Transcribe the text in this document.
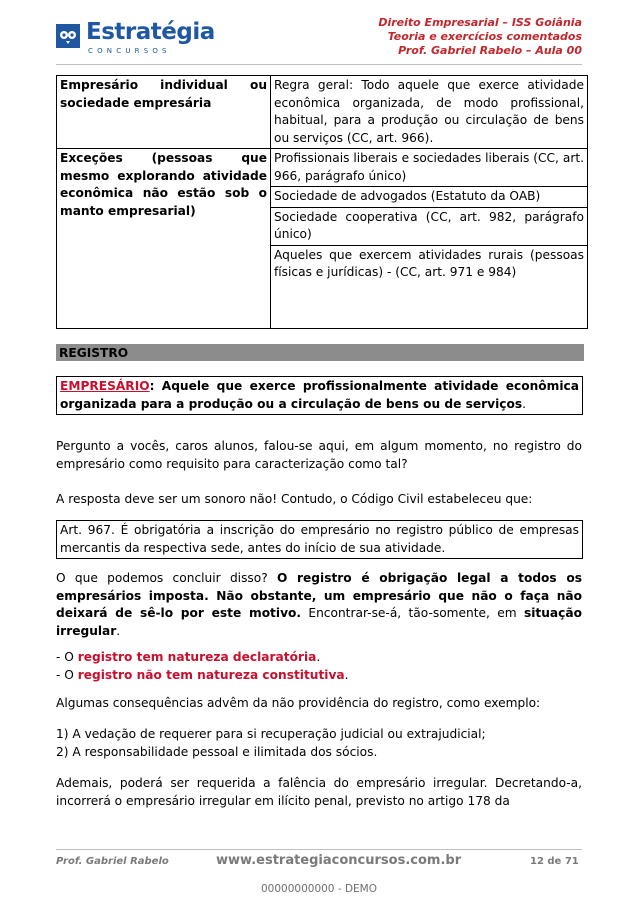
Estratégia
CONCURSOS
Direito Empresarial – ISS Goiânia
Teoria e exercícios comentados
Prof. Gabriel Rabelo – Aula 00
Empresário individual ou sociedade empresária	Regra geral: Todo aquele que exerce atividade econômica organizada, de modo profissional, habitual, para a produção ou circulação de bens ou serviços (CC, art. 966).
Exceções (pessoas que mesmo explorando atividade econômica não estão sob o manto empresarial)	Profissionais liberais e sociedades liberais (CC, art. 966, parágrafo único)
	Sociedade de advogados (Estatuto da OAB)
	Sociedade cooperativa (CC, art. 982, parágrafo único)
	Aqueles que exercem atividades rurais (pessoas físicas e jurídicas) - (CC, art. 971 e 984)
REGISTRO
EMPRESÁRIO: Aquele que exerce profissionalmente atividade econômica organizada para a produção ou a circulação de bens ou de serviços.
Pergunto a vocês, caros alunos, falou-se aqui, em algum momento, no registro do empresário como requisito para caracterização como tal?
A resposta deve ser um sonoro não! Contudo, o Código Civil estabeleceu que:
Art. 967. É obrigatória a inscrição do empresário no registro público de empresas mercantis da respectiva sede, antes do início de sua atividade.
O que podemos concluir disso? O registro é obrigação legal a todos os empresários imposta. Não obstante, um empresário que não o faça não deixará de sê-lo por este motivo. Encontrar-se-á, tão-somente, em situação irregular.
- O registro tem natureza declaratória.
- O registro não tem natureza constitutiva.
Algumas consequências advêm da não providência do registro, como exemplo:
1) A vedação de requerer para si recuperação judicial ou extrajudicial;
2) A responsabilidade pessoal e ilimitada dos sócios.
Ademais, poderá ser requerida a falência do empresário irregular. Decretando-a, incorrerá o empresário irregular em ilícito penal, previsto no artigo 178 da
Prof. Gabriel Rabelo	www.estrategiaconcursos.com.br	12 de 71
00000000000 - DEMO
